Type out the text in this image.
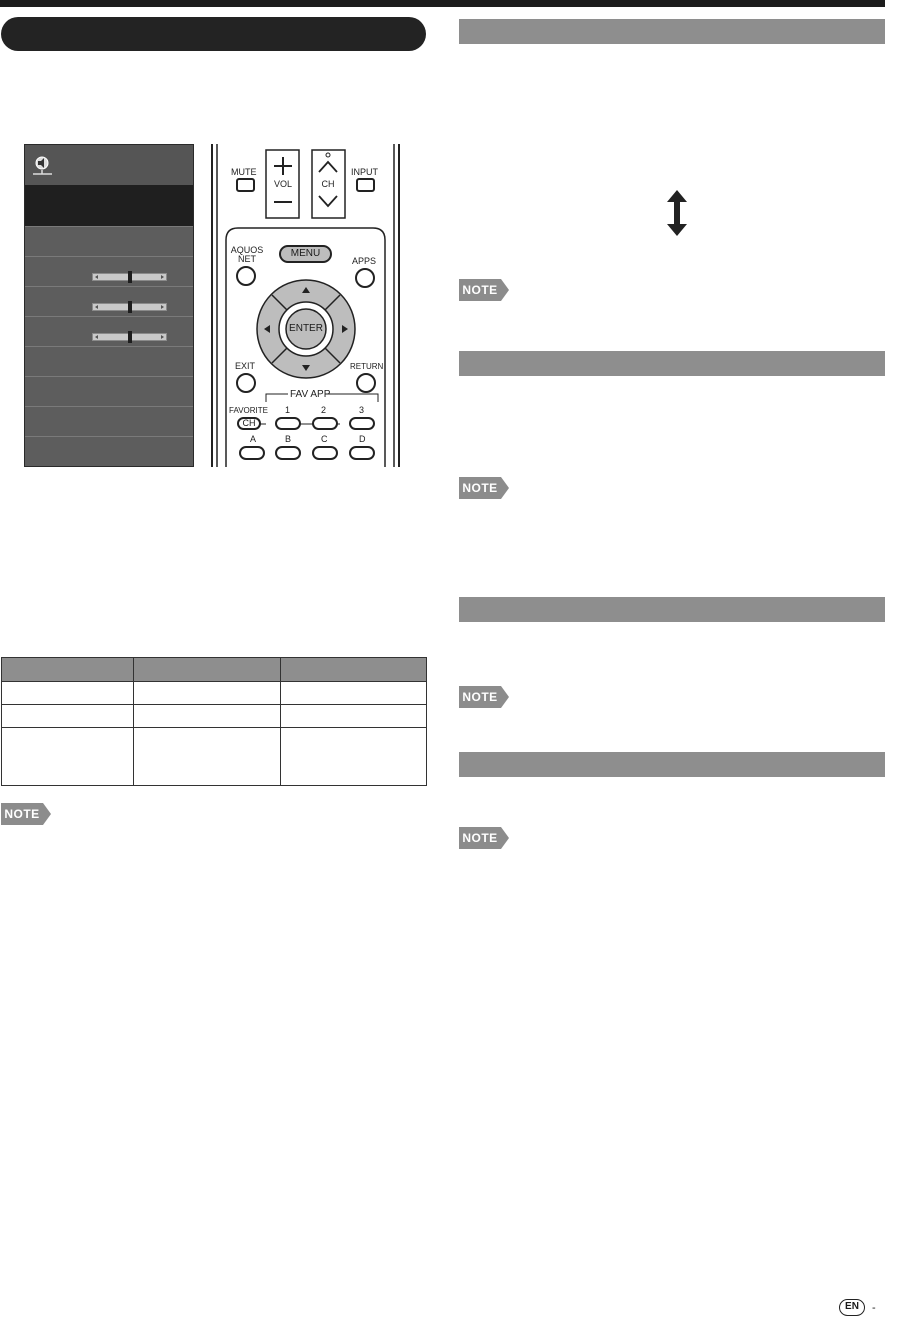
MUTE
VOL	CH
INPUT
AQUOS NET	MENU
APPS
ENTER
EXIT	RETURN
FAVORITE
CH
FAV APP
1	2	3
A	B	C	D
NOTE
NOTE
NOTE
NOTE
NOTE
EN	-
